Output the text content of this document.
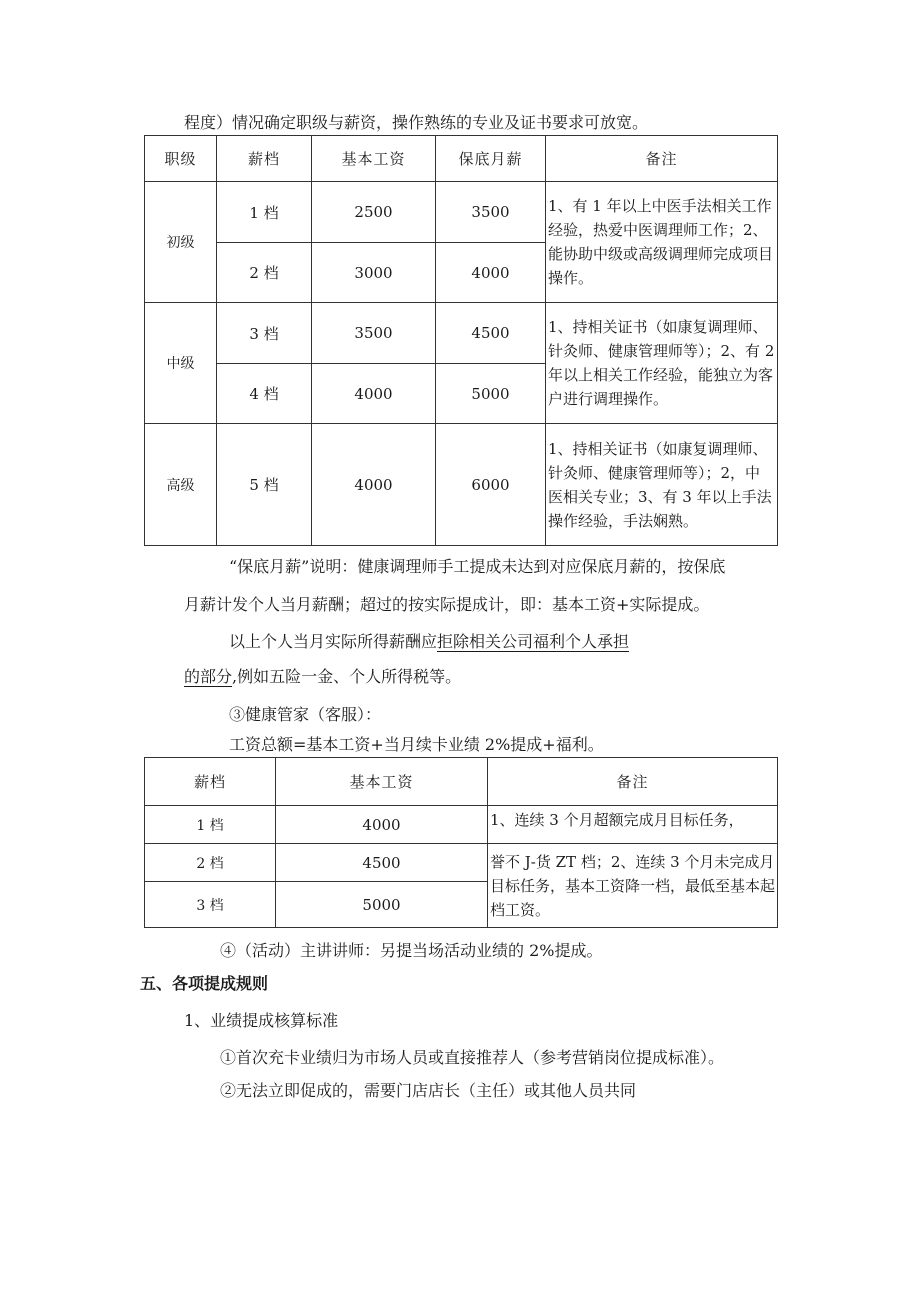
程度）情况确定职级与薪资，操作熟练的专业及证书要求可放宽。
职级	薪档	基本工资	保底月薪	备注
初级	1 档	2500	3500	1、有 1 年以上中医手法相关工作经验，热爱中医调理师工作；2、能协助中级或高级调理师完成项目操作。
	2 档	3000	4000	
中级	3 档	3500	4500	1、持相关证书（如康复调理师、针灸师、健康管理师等）；2、有 2 年以上相关工作经验，能独立为客户进行调理操作。
	4 档	4000	5000	
高级	5 档	4000	6000	1、持相关证书（如康复调理师、针灸师、健康管理师等）；2，中医相关专业；3、有 3 年以上手法操作经验，手法娴熟。
“保底月薪”说明：健康调理师手工提成未达到对应保底月薪的，按保底
月薪计发个人当月薪酬；超过的按实际提成计，即：基本工资+实际提成。
以上个人当月实际所得薪酬应拒除相关公司福利个人承担
的部分,例如五险一金、个人所得税等。
③健康管家（客服）：
工资总额=基本工资+当月续卡业绩 2%提成+福利。
薪档	基本工资	备注
1 档	4000	1、连续 3 个月超额完成月目标任务，
2 档	4500	誉不 J-货 ZT 档；2、连续 3 个月未完成月目标任务，基本工资降一档，最低至基本起档工资。
3 档	5000	
④（活动）主讲讲师：另提当场活动业绩的 2%提成。
五、各项提成规则
1、业绩提成核算标准
①首次充卡业绩归为市场人员或直接推荐人（参考营销岗位提成标准）。
②无法立即促成的，需要门店店长（主任）或其他人员共同
